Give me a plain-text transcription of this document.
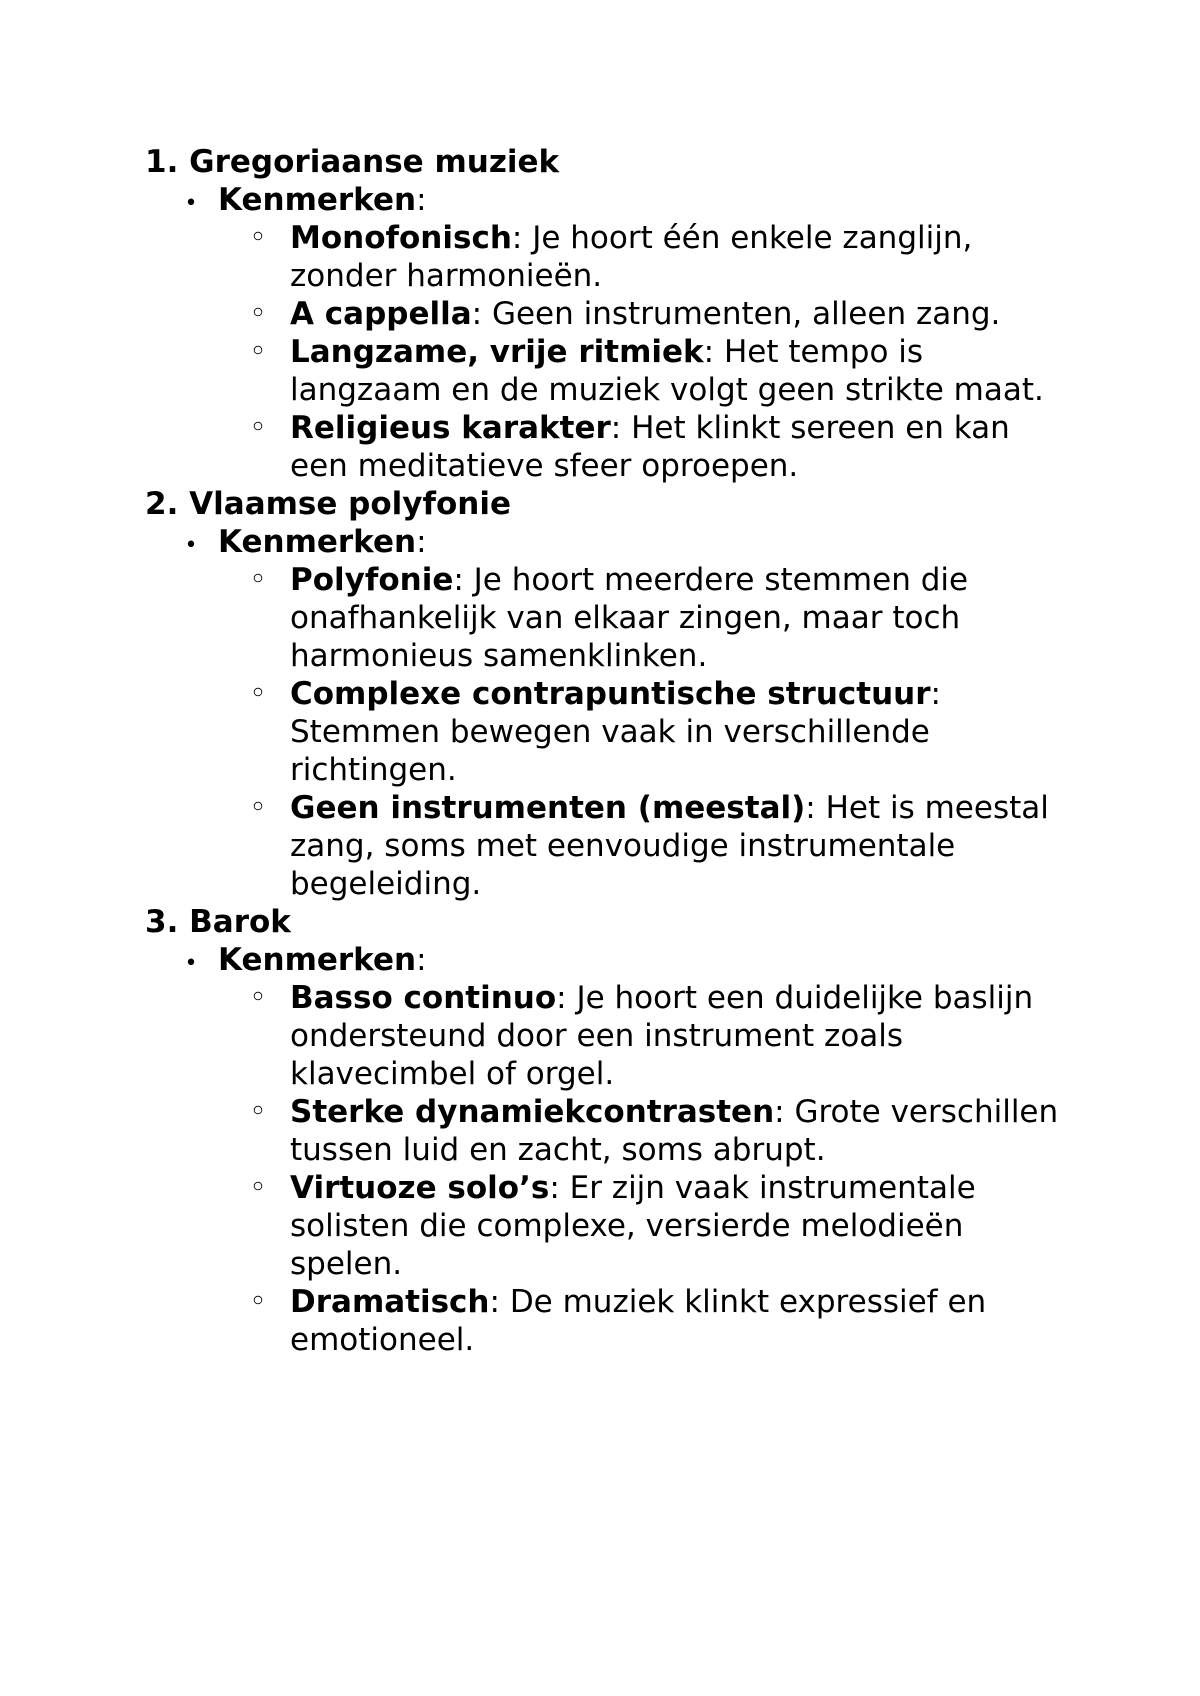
1. Gregoriaanse muziek
•
Kenmerken:
Monofonisch: Je hoort één enkele zanglijn, zonder harmonieën.
A cappella: Geen instrumenten, alleen zang.
Langzame, vrije ritmiek: Het tempo is langzaam en de muziek volgt geen strikte maat.
Religieus karakter: Het klinkt sereen en kan een meditatieve sfeer oproepen.
2. Vlaamse polyfonie
•
Kenmerken:
Polyfonie: Je hoort meerdere stemmen die onafhankelijk van elkaar zingen, maar toch harmonieus samenklinken.
Complexe contrapuntische structuur: Stemmen bewegen vaak in verschillende richtingen.
Geen instrumenten (meestal): Het is meestal zang, soms met eenvoudige instrumentale begeleiding.
3. Barok
•
Kenmerken:
Basso continuo: Je hoort een duidelijke baslijn ondersteund door een instrument zoals klavecimbel of orgel.
Sterke dynamiekcontrasten: Grote verschillen tussen luid en zacht, soms abrupt.
Virtuoze solo’s: Er zijn vaak instrumentale solisten die complexe, versierde melodieën spelen.
Dramatisch: De muziek klinkt expressief en emotioneel.
